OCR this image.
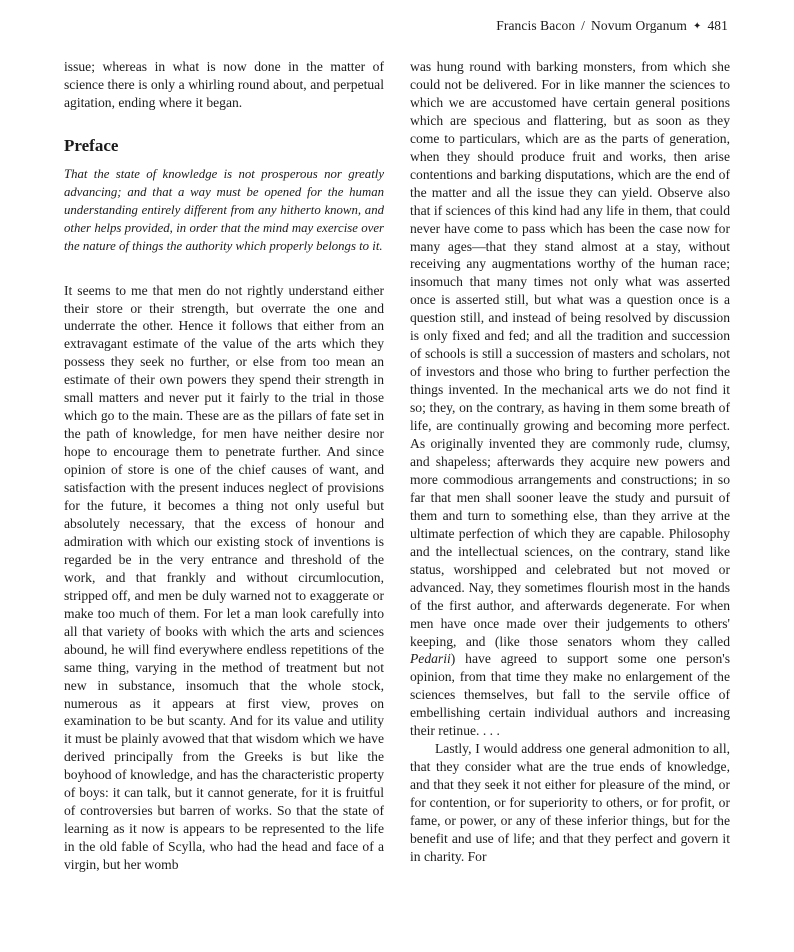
Francis Bacon / Novum Organum ✦ 481

issue; whereas in what is now done in the matter of science there is only a whirling round about, and perpetual agitation, ending where it began.

Preface

That the state of knowledge is not prosperous nor greatly advancing; and that a way must be opened for the human understanding entirely different from any hitherto known, and other helps provided, in order that the mind may exercise over the nature of things the authority which properly belongs to it.

It seems to me that men do not rightly understand either their store or their strength, but overrate the one and underrate the other. Hence it follows that either from an extravagant estimate of the value of the arts which they possess they seek no further, or else from too mean an estimate of their own powers they spend their strength in small matters and never put it fairly to the trial in those which go to the main. These are as the pillars of fate set in the path of knowledge, for men have neither desire nor hope to encourage them to penetrate further. And since opinion of store is one of the chief causes of want, and satisfaction with the present induces neglect of provisions for the future, it becomes a thing not only useful but absolutely necessary, that the excess of honour and admiration with which our existing stock of inventions is regarded be in the very entrance and threshold of the work, and that frankly and without circumlocution, stripped off, and men be duly warned not to exaggerate or make too much of them. For let a man look carefully into all that variety of books with which the arts and sciences abound, he will find everywhere endless repetitions of the same thing, varying in the method of treatment but not new in substance, insomuch that the whole stock, numerous as it appears at first view, proves on examination to be but scanty. And for its value and utility it must be plainly avowed that that wisdom which we have derived principally from the Greeks is but like the boyhood of knowledge, and has the characteristic property of boys: it can talk, but it cannot generate, for it is fruitful of controversies but barren of works. So that the state of learning as it now is appears to be represented to the life in the old fable of Scylla, who had the head and face of a virgin, but her womb

was hung round with barking monsters, from which she could not be delivered. For in like manner the sciences to which we are accustomed have certain general positions which are specious and flattering, but as soon as they come to particulars, which are as the parts of generation, when they should produce fruit and works, then arise contentions and barking disputations, which are the end of the matter and all the issue they can yield. Observe also that if sciences of this kind had any life in them, that could never have come to pass which has been the case now for many ages—that they stand almost at a stay, without receiving any augmentations worthy of the human race; insomuch that many times not only what was asserted once is asserted still, but what was a question once is a question still, and instead of being resolved by discussion is only fixed and fed; and all the tradition and succession of schools is still a succession of masters and scholars, not of investors and those who bring to further perfection the things invented. In the mechanical arts we do not find it so; they, on the contrary, as having in them some breath of life, are continually growing and becoming more perfect. As originally invented they are commonly rude, clumsy, and shapeless; afterwards they acquire new powers and more commodious arrangements and constructions; in so far that men shall sooner leave the study and pursuit of them and turn to something else, than they arrive at the ultimate perfection of which they are capable. Philosophy and the intellectual sciences, on the contrary, stand like status, worshipped and celebrated but not moved or advanced. Nay, they sometimes flourish most in the hands of the first author, and afterwards degenerate. For when men have once made over their judgements to others' keeping, and (like those senators whom they called Pedarii) have agreed to support some one person's opinion, from that time they make no enlargement of the sciences themselves, but fall to the servile office of embellishing certain individual authors and increasing their retinue. . . .

Lastly, I would address one general admonition to all, that they consider what are the true ends of knowledge, and that they seek it not either for pleasure of the mind, or for contention, or for superiority to others, or for profit, or fame, or power, or any of these inferior things, but for the benefit and use of life; and that they perfect and govern it in charity. For
